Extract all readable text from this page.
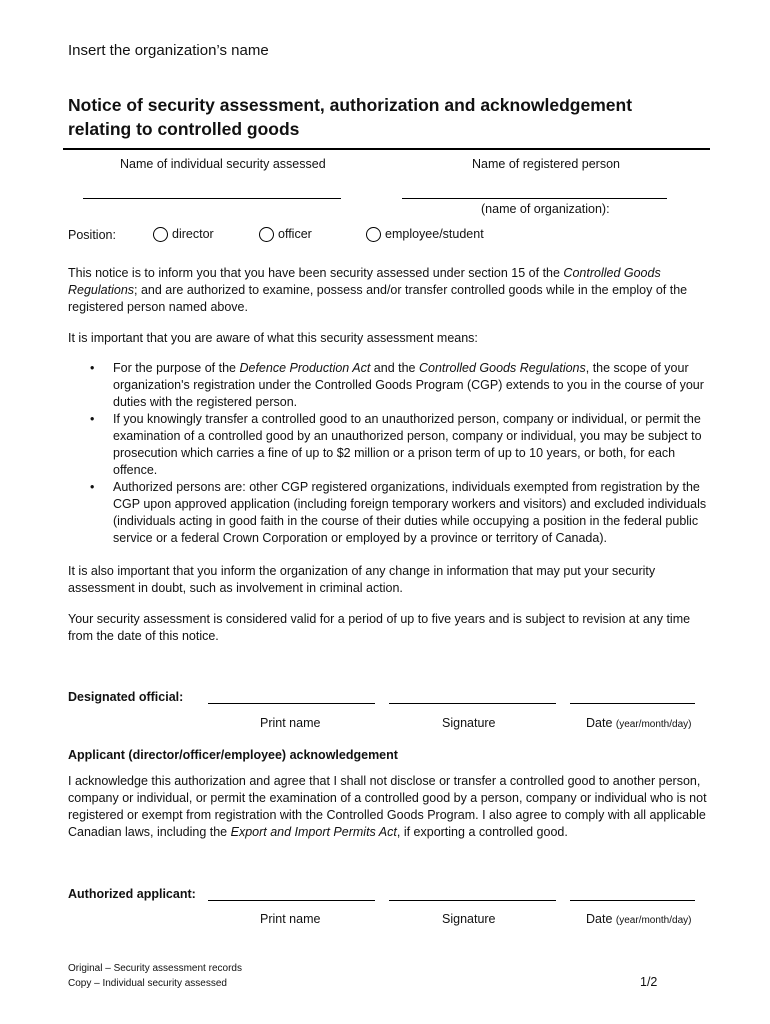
Insert the organization’s name
Notice of security assessment, authorization and acknowledgement
relating to controlled goods
Name of individual security assessed	Name of registered person
(name of organization):
Position:	director	officer	employee/student
This notice is to inform you that you have been security assessed under section 15 of the Controlled Goods Regulations; and are authorized to examine, possess and/or transfer controlled goods while in the employ of the registered person named above.
It is important that you are aware of what this security assessment means:
• For the purpose of the Defence Production Act and the Controlled Goods Regulations, the scope of your organization's registration under the Controlled Goods Program (CGP) extends to you in the course of your duties with the registered person.
• If you knowingly transfer a controlled good to an unauthorized person, company or individual, or permit the examination of a controlled good by an unauthorized person, company or individual, you may be subject to prosecution which carries a fine of up to $2 million or a prison term of up to 10 years, or both, for each offence.
• Authorized persons are: other CGP registered organizations, individuals exempted from registration by the CGP upon approved application (including foreign temporary workers and visitors) and excluded individuals (individuals acting in good faith in the course of their duties while occupying a position in the federal public service or a federal Crown Corporation or employed by a province or territory of Canada).
It is also important that you inform the organization of any change in information that may put your security assessment in doubt, such as involvement in criminal action.
Your security assessment is considered valid for a period of up to five years and is subject to revision at any time from the date of this notice.
Designated official:
Print name	Signature	Date (year/month/day)
Applicant (director/officer/employee) acknowledgement
I acknowledge this authorization and agree that I shall not disclose or transfer a controlled good to another person, company or individual, or permit the examination of a controlled good by a person, company or individual who is not registered or exempt from registration with the Controlled Goods Program. I also agree to comply with all applicable Canadian laws, including the Export and Import Permits Act, if exporting a controlled good.
Authorized applicant:
Print name	Signature	Date (year/month/day)
Original – Security assessment records
Copy – Individual security assessed	1/2
